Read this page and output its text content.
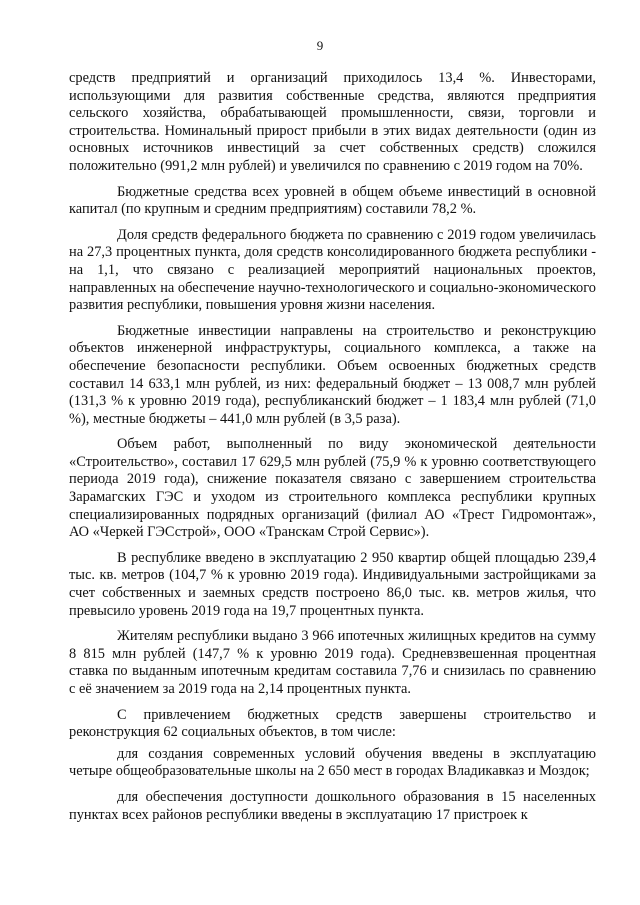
9

средств предприятий и организаций приходилось 13,4 %. Инвесторами, использующими для развития собственные средства, являются предприятия сельского хозяйства, обрабатывающей промышленности, связи, торговли и строительства. Номинальный прирост прибыли в этих видах деятельности (один из основных источников инвестиций за счет собственных средств) сложился положительно (991,2 млн рублей) и увеличился по сравнению с 2019 годом на 70%.

Бюджетные средства всех уровней в общем объеме инвестиций в основной капитал (по крупным и средним предприятиям) составили 78,2 %.

Доля средств федерального бюджета по сравнению с 2019 годом увеличилась на 27,3 процентных пункта, доля средств консолидированного бюджета республики - на 1,1, что связано с реализацией мероприятий национальных проектов, направленных на обеспечение научно-технологического и социально-экономического развития республики, повышения уровня жизни населения.

Бюджетные инвестиции направлены на строительство и реконструкцию объектов инженерной инфраструктуры, социального комплекса, а также на обеспечение безопасности республики. Объем освоенных бюджетных средств составил 14 633,1 млн рублей, из них: федеральный бюджет – 13 008,7 млн рублей (131,3 % к уровню 2019 года), республиканский бюджет – 1 183,4 млн рублей (71,0 %), местные бюджеты – 441,0 млн рублей (в 3,5 раза).

Объем работ, выполненный по виду экономической деятельности «Строительство», составил 17 629,5 млн рублей (75,9 % к уровню соответствующего периода 2019 года), снижение показателя связано с завершением строительства Зарамагских ГЭС и уходом из строительного комплекса республики крупных специализированных подрядных организаций (филиал АО «Трест Гидромонтаж», АО «Черкей ГЭСстрой», ООО «Транскам Строй Сервис»).

В республике введено в эксплуатацию 2 950 квартир общей площадью 239,4 тыс. кв. метров (104,7 % к уровню 2019 года). Индивидуальными застройщиками за счет собственных и заемных средств построено 86,0 тыс. кв. метров жилья, что превысило уровень 2019 года на 19,7 процентных пункта.

Жителям республики выдано 3 966 ипотечных жилищных кредитов на сумму 8 815 млн рублей (147,7 % к уровню 2019 года). Средневзвешенная процентная ставка по выданным ипотечным кредитам составила 7,76 и снизилась по сравнению с её значением за 2019 года на 2,14 процентных пункта.

С привлечением бюджетных средств завершены строительство и реконструкция 62 социальных объектов, в том числе:

для создания современных условий обучения введены в эксплуатацию четыре общеобразовательные школы на 2 650 мест в городах Владикавказ и Моздок;

для обеспечения доступности дошкольного образования в 15 населенных пунктах всех районов республики введены в эксплуатацию 17 пристроек к
